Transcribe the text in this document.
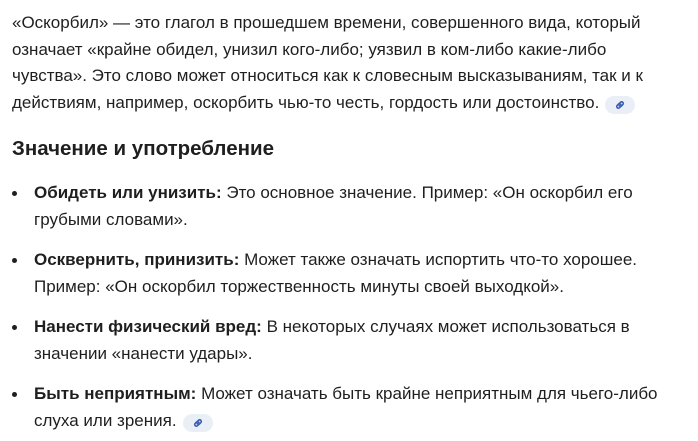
«Оскорбил» — это глагол в прошедшем времени, совершенного вида, который означает «крайне обидел, унизил кого-либо; уязвил в ком-либо какие-либо чувства». Это слово может относиться как к словесным высказываниям, так и к действиям, например, оскорбить чью-то честь, гордость или достоинство.

Значение и употребление
Обидеть или унизить: Это основное значение. Пример: «Он оскорбил его грубыми словами».
Осквернить, принизить: Может также означать испортить что-то хорошее. Пример: «Он оскорбил торжественность минуты своей выходкой».
Нанести физический вред: В некоторых случаях может использоваться в значении «нанести удары».
Быть неприятным: Может означать быть крайне неприятным для чьего-либо слуха или зрения.
